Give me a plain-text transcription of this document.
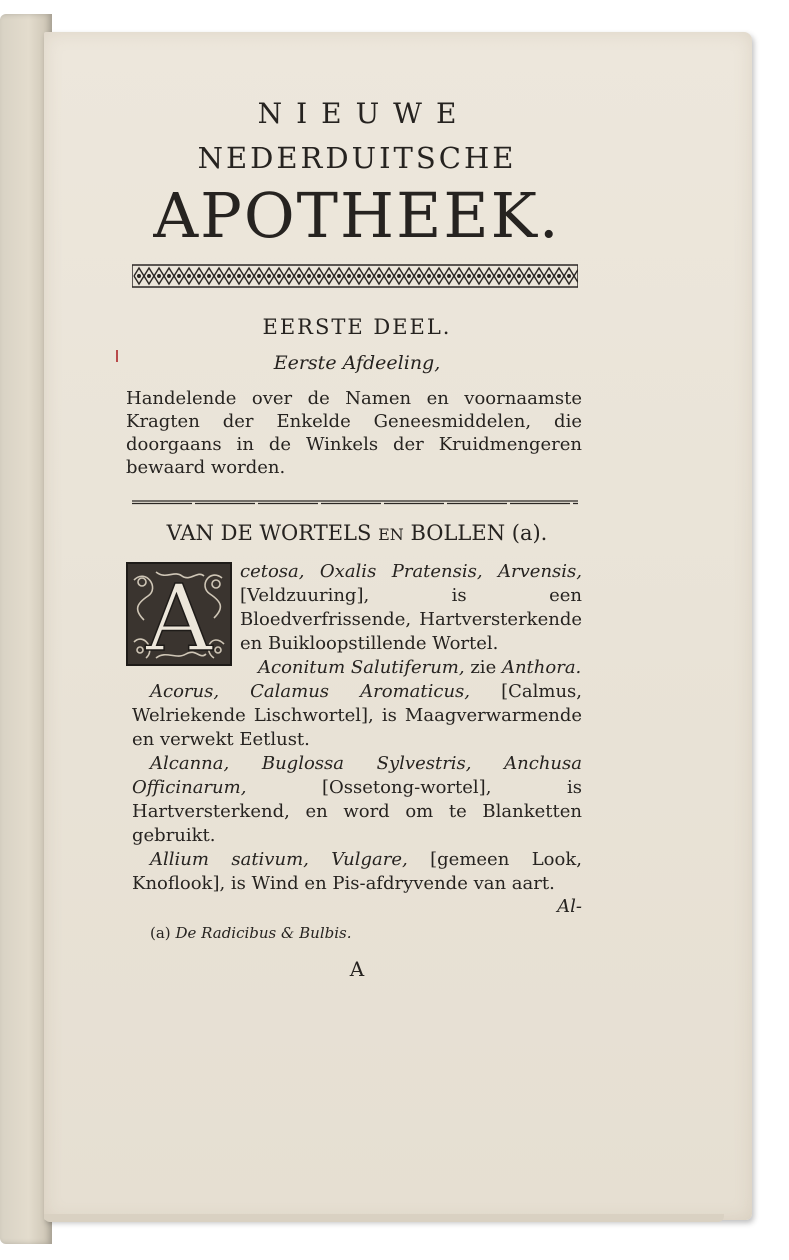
NIEUWE
NEDERDUITSCHE
APOTHEEK.

EERSTE DEEL.

Eerste Afdeeling,

Handelende over de Namen en voornaamste Kragten der Enkelde Geneesmiddelen, die doorgaans in de Winkels der Kruidmengeren bewaard worden.

VAN DE WORTELS EN BOLLEN (a).

A	cetosa, Oxalis Pratensis, Arvensis, [Veldzuuring], is een Bloedverfrissende, Hartversterkende en Buikloopstillende Wortel.

Aconitum Salutiferum, zie Anthora.

Acorus, Calamus Aromaticus, [Calmus, Welriekende Lischwortel], is Maagverwarmende en verwekt Eetlust.

Alcanna, Buglossa Sylvestris, Anchusa Officinarum,	[Ossetong-wortel], is Hartversterkend, en word om te Blanketten gebruikt.

Allium sativum, Vulgare, [gemeen Look, Knoflook], is Wind en Pis-afdryvende van aart.

Al-

(a) De Radicibus & Bulbis.

A
